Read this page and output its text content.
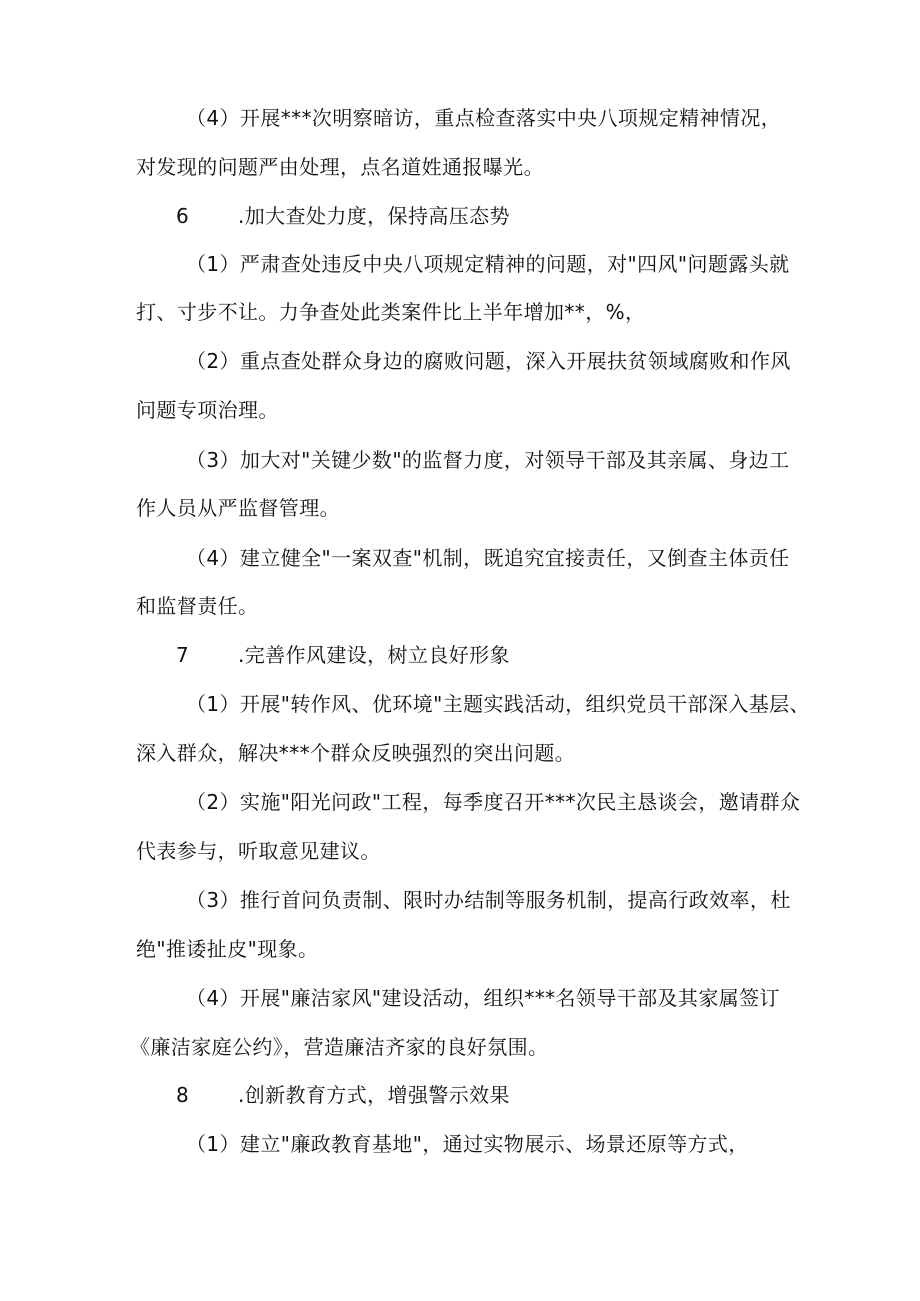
（4）开展***次明察暗访，重点检查落实中央八项规定精神情况，
对发现的问题严由处理，点名道姓通报曝光。
6 .加大查处力度，保持高压态势
（1）严肃查处违反中央八项规定精神的问题，对"四风"问题露头就
打、寸步不让。力争查处此类案件比上半年增加**，%，
（2）重点查处群众身边的腐败问题，深入开展扶贫领域腐败和作风
问题专项治理。
（3）加大对"关键少数"的监督力度，对领导干部及其亲属、身边工
作人员从严监督管理。
（4）建立健全"一案双查"机制，既追究宜接责任，又倒查主体贡任
和监督责任。
7 .完善作风建设，树立良好形象
（1）开展"转作风、优环境"主题实践活动，组织党员干部深入基层、
深入群众，解决***个群众反映强烈的突出问题。
（2）实施"阳光问政"工程，每季度召开***次民主恳谈会，邀请群众
代表参与，听取意见建议。
（3）推行首问负责制、限时办结制等服务机制，提高行政效率，杜
绝"推诿扯皮"现象。
（4）开展"廉洁家风"建设活动，组织***名领导干部及其家属签订
《廉洁家庭公约》，营造廉洁齐家的良好氛围。
8 .创新教育方式，增强警示效果
（1）建立"廉政教育基地"，通过实物展示、场景还原等方式，
